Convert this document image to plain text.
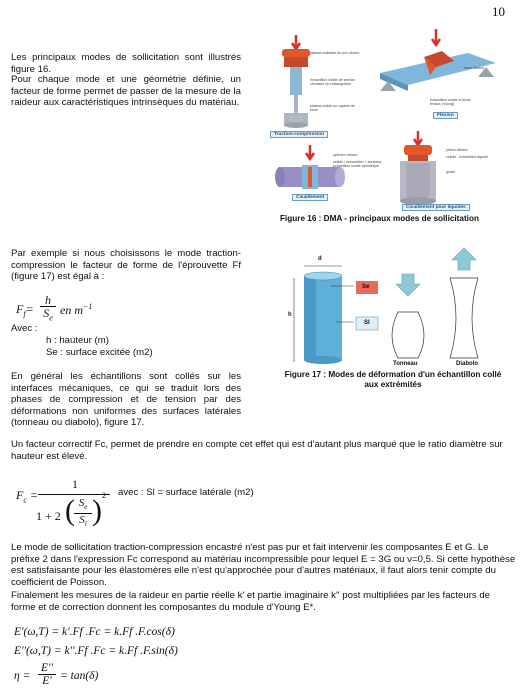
10
Les principaux modes de sollicitation sont illustrés figure 16.
Pour chaque mode et une géométrie définie, un facteur de forme permet de passer de la mesure de la raideur aux caractéristiques intrinsèques du matériau.
plateau solidaire du pot vibrant
échantillon solide de section circulaire ou rectangulaire
plateau solide ou capteur de force
mors vibrant
échantillon solide à bords tendus (Young)
cylindre vibrant
cellule / échantillon + anneaux échantillon solide cylindrique
piston vibrant
cellule - échantillon liquide
godet
Traction-compression
Flexion
Cisaillement
Cisaillement pour liquides
Figure 16 : DMA - principaux modes de sollicitation
Par exemple si nous choisissons le mode traction-compression le facteur de forme de l'éprouvette Ff (figure 17) est égal à :
$F_f=$
h
$S_e$
en $m^{-1}$
Avec :
h : hauteur (m)
Se : surface excitée (m2)
En général les échantillons sont collés sur les interfaces mécaniques, ce qui se traduit lors des phases de compression et de tension par des déformations non uniformes des surfaces latérales (tonneau ou diabolo), figure 17.
d
h
Se
Sl
Tonneau	Diabolo
Figure 17 : Modes de déformation d'un échantillon collé aux extrémités
Un facteur correctif Fc, permet de prendre en compte cet effet qui est d'autant plus marqué que le ratio diamètre sur hauteur est élevé.
$F_c$ =
1
1 + 2 ( $S_e$
$S_l$ ) 2 avec : Sl = surface latérale (m2)
Le mode de sollicitation traction-compression encastré n'est pas pur et fait intervenir les composantes E et G. Le préfixe 2 dans l'expression Fc correspond au matériau incompressible pour lequel E = 3G ou ν=0,5. Si cette hypothèse est satisfaisante pour les élastomères elle n'est qu'approchée pour d'autres matériaux, il faut alors tenir compte du coefficient de Poisson.
Finalement les mesures de la raideur en partie réelle k' et partie imaginaire k'' post multipliées par les facteurs de forme et de correction donnent les composantes du module d'Young E*.
E'(ω,T) = k'.Ff .Fc = k.Ff .F.cos(δ)
E''(ω,T) = k''.Ff .Fc = k.Ff .F.sin(δ)
$\eta = \frac{E''}{E'} = \tan(\delta)$
